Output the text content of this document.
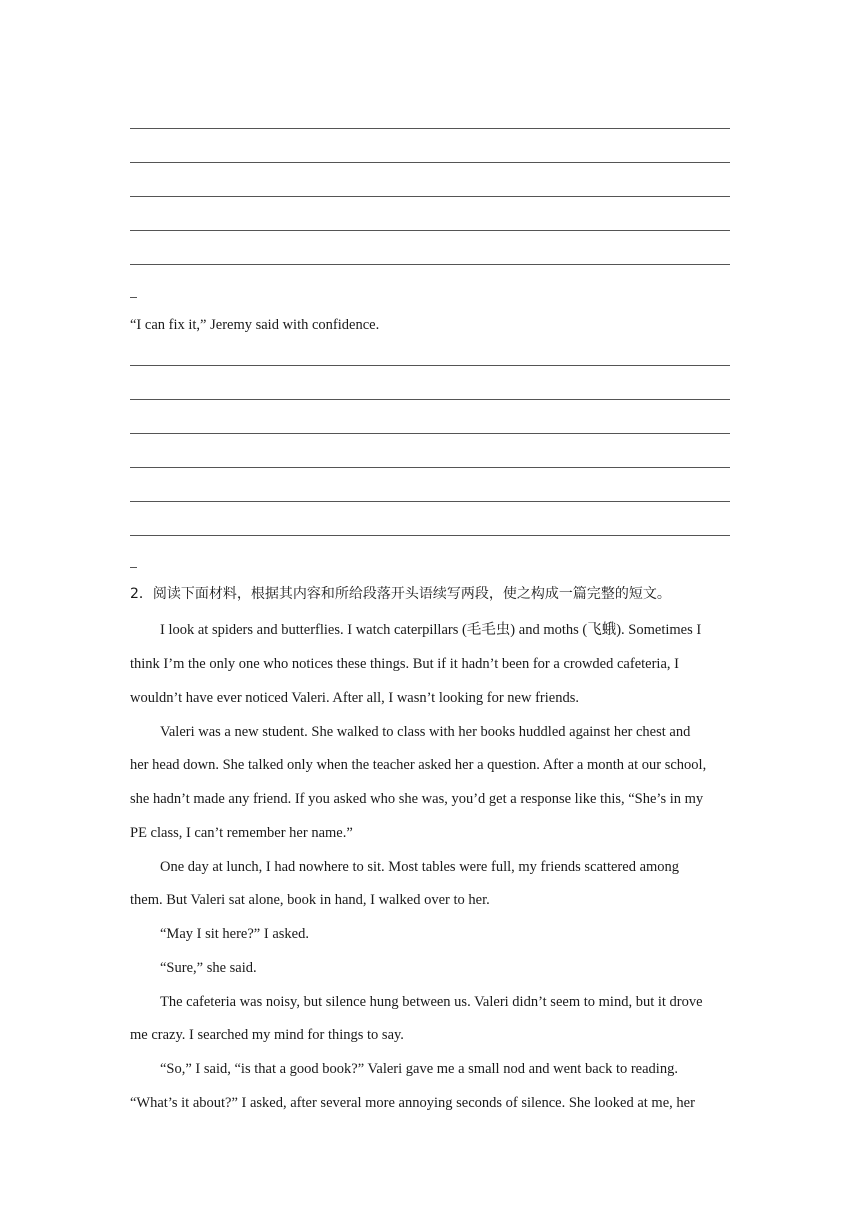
“I can fix it,” Jeremy said with confidence.
2．阅读下面材料，根据其内容和所给段落开头语续写两段，使之构成一篇完整的短文。
I look at spiders and butterflies. I watch caterpillars (毛毛虫) and moths (飞蛾). Sometimes I
think I’m the only one who notices these things. But if it hadn’t been for a crowded cafeteria, I
wouldn’t have ever noticed Valeri. After all, I wasn’t looking for new friends.
Valeri was a new student. She walked to class with her books huddled against her chest and
her head down. She talked only when the teacher asked her a question. After a month at our school,
she hadn’t made any friend. If you asked who she was, you’d get a response like this, “She’s in my
PE class, I can’t remember her name.”
One day at lunch, I had nowhere to sit. Most tables were full, my friends scattered among
them. But Valeri sat alone, book in hand, I walked over to her.
“May I sit here?” I asked.
“Sure,” she said.
The cafeteria was noisy, but silence hung between us. Valeri didn’t seem to mind, but it drove
me crazy. I searched my mind for things to say.
“So,” I said, “is that a good book?” Valeri gave me a small nod and went back to reading.
“What’s it about?” I asked, after several more annoying seconds of silence. She looked at me, her
